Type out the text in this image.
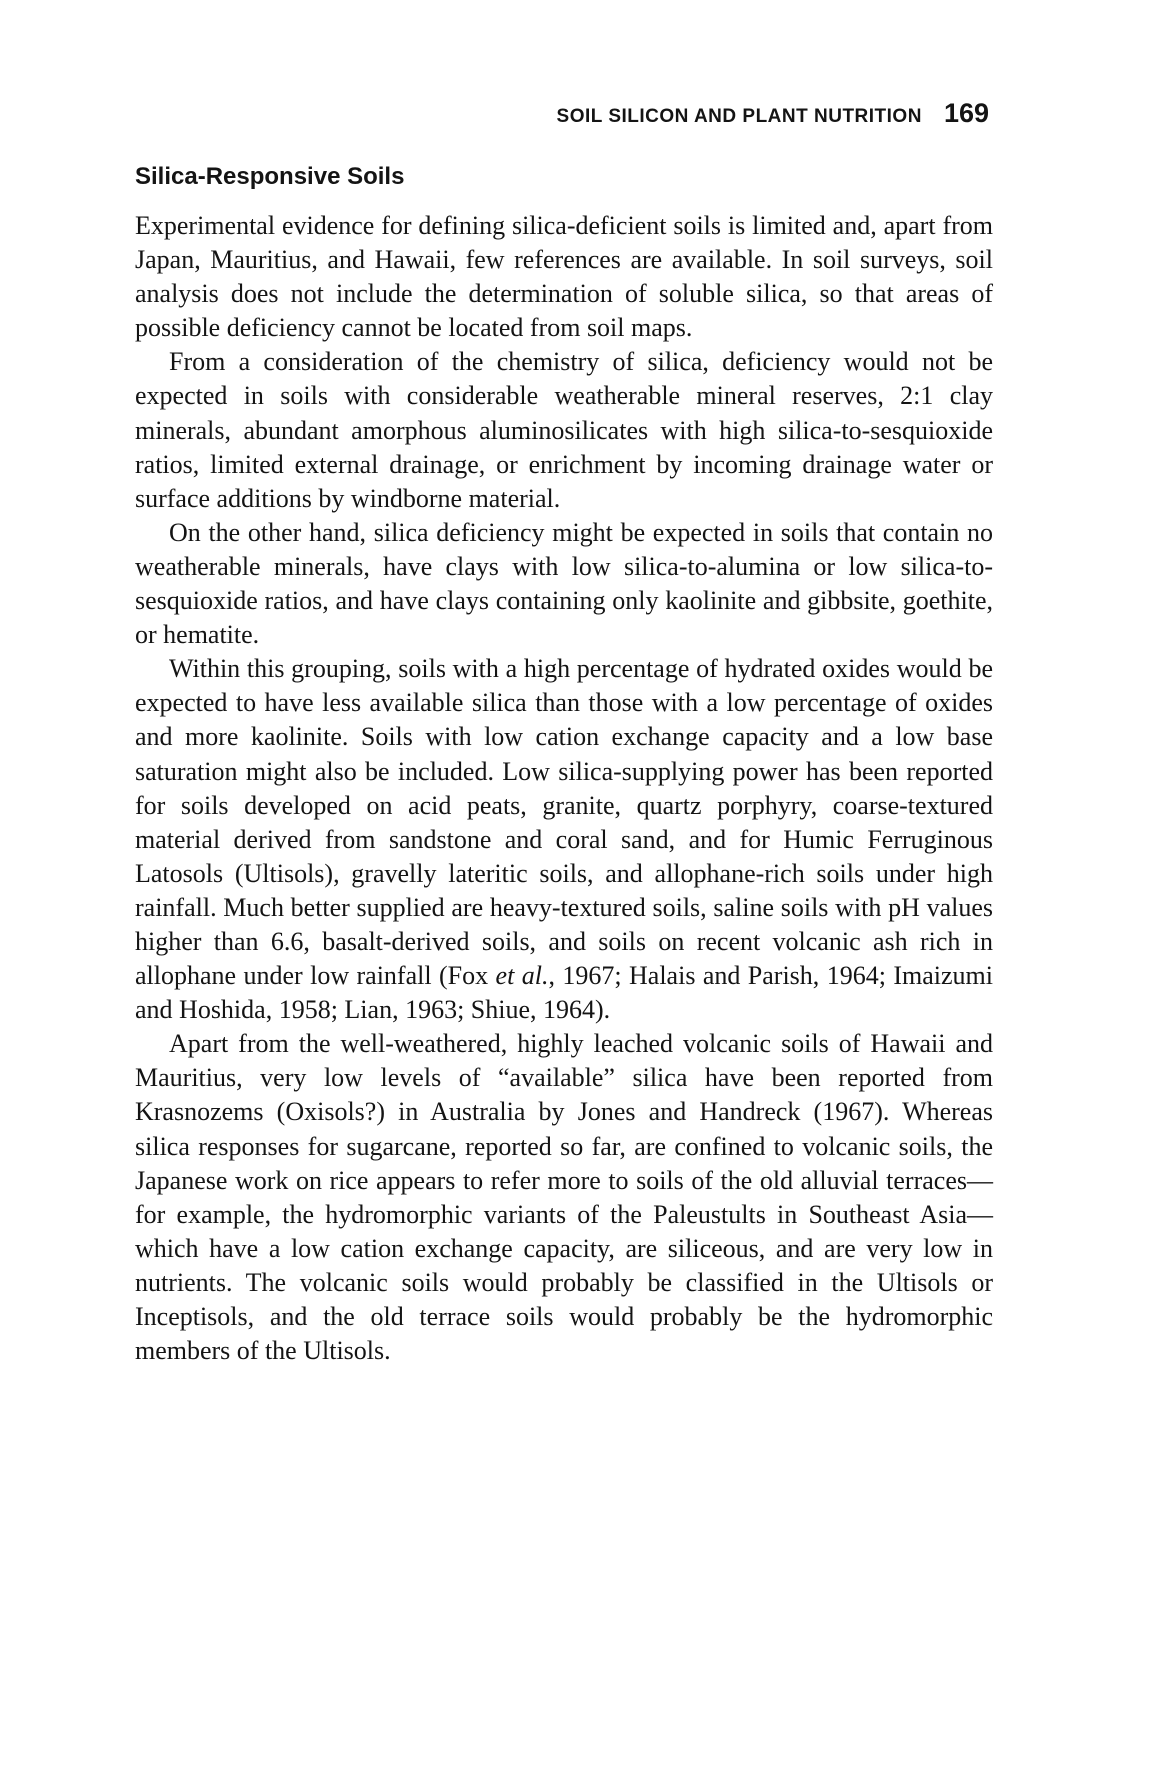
SOIL SILICON AND PLANT NUTRITION 169
Silica-Responsive Soils

Experimental evidence for defining silica-deficient soils is limited and, apart from Japan, Mauritius, and Hawaii, few references are available. In soil surveys, soil analysis does not include the determination of soluble silica, so that areas of possible deficiency cannot be located from soil maps.

From a consideration of the chemistry of silica, deficiency would not be expected in soils with considerable weatherable mineral reserves, 2:1 clay minerals, abundant amorphous aluminosilicates with high silica-to-sesquioxide ratios, limited external drainage, or enrichment by incoming drainage water or surface additions by windborne material.

On the other hand, silica deficiency might be expected in soils that contain no weatherable minerals, have clays with low silica-to-alumina or low silica-to-sesquioxide ratios, and have clays containing only kaolinite and gibbsite, goethite, or hematite.

Within this grouping, soils with a high percentage of hydrated oxides would be expected to have less available silica than those with a low percentage of oxides and more kaolinite. Soils with low cation exchange capacity and a low base saturation might also be included. Low silica-supplying power has been reported for soils developed on acid peats, granite, quartz porphyry, coarse-textured material derived from sandstone and coral sand, and for Humic Ferruginous Latosols (Ultisols), gravelly lateritic soils, and allophane-rich soils under high rainfall. Much better supplied are heavy-textured soils, saline soils with pH values higher than 6.6, basalt-derived soils, and soils on recent volcanic ash rich in allophane under low rainfall (Fox et al., 1967; Halais and Parish, 1964; Imaizumi and Hoshida, 1958; Lian, 1963; Shiue, 1964).

Apart from the well-weathered, highly leached volcanic soils of Hawaii and Mauritius, very low levels of “available” silica have been reported from Krasnozems (Oxisols?) in Australia by Jones and Handreck (1967). Whereas silica responses for sugarcane, reported so far, are confined to volcanic soils, the Japanese work on rice appears to refer more to soils of the old alluvial terraces—for example, the hydromorphic variants of the Paleustults in Southeast Asia—which have a low cation exchange capacity, are siliceous, and are very low in nutrients. The volcanic soils would probably be classified in the Ultisols or Inceptisols, and the old terrace soils would probably be the hydromorphic members of the Ultisols.
